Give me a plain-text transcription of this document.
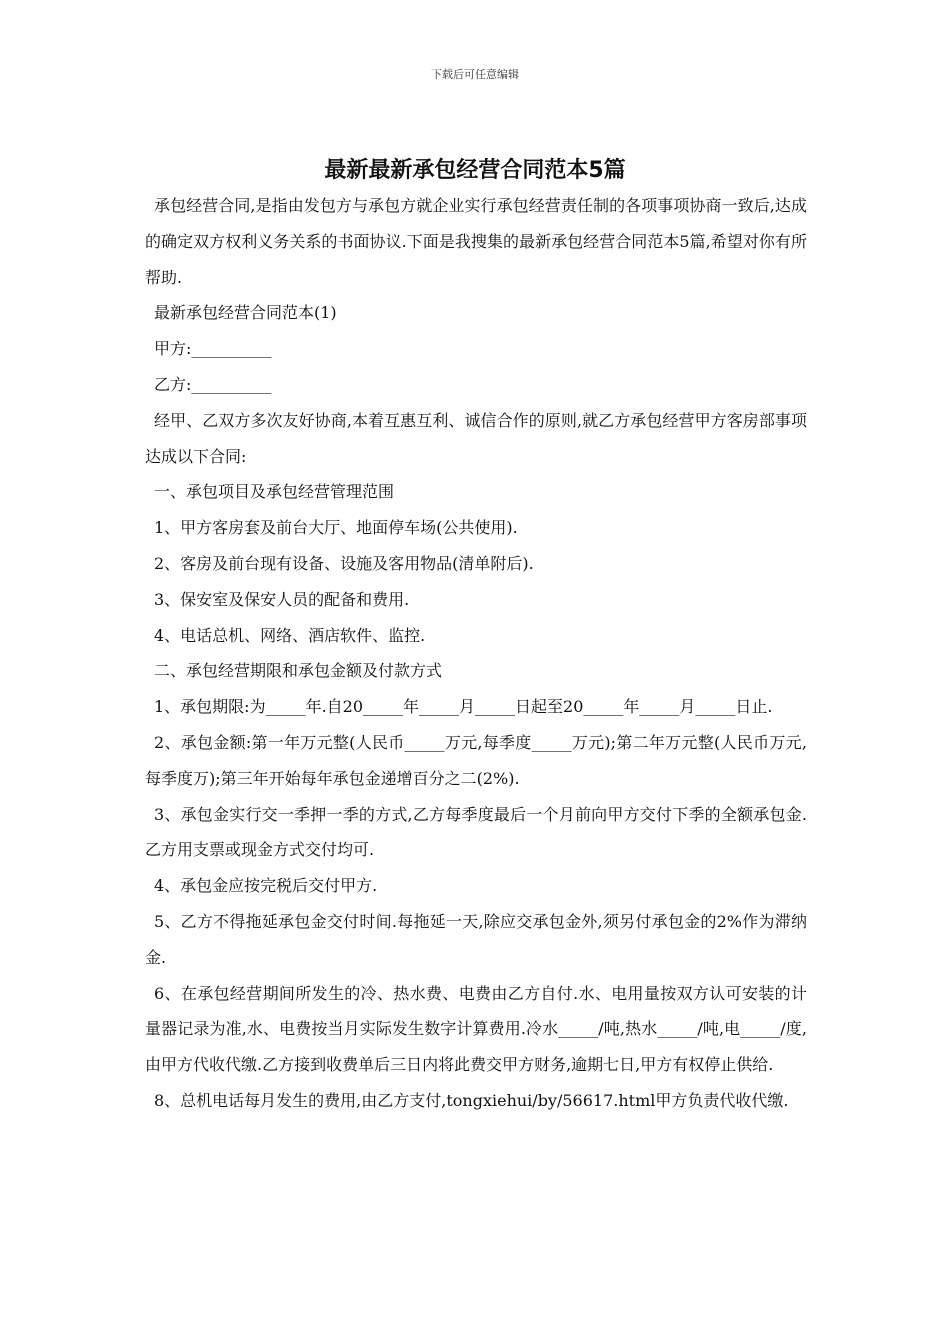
下载后可任意编辑
最新最新承包经营合同范本5篇

承包经营合同,是指由发包方与承包方就企业实行承包经营责任制的各项事项协商一致后,达成的确定双方权利义务关系的书面协议.下面是我搜集的最新承包经营合同范本5篇,希望对你有所帮助.

最新承包经营合同范本(1)

甲方:__________

乙方:__________

经甲、乙双方多次友好协商,本着互惠互利、诚信合作的原则,就乙方承包经营甲方客房部事项达成以下合同:

一、承包项目及承包经营管理范围

1、甲方客房套及前台大厅、地面停车场(公共使用).

2、客房及前台现有设备、设施及客用物品(清单附后).

3、保安室及保安人员的配备和费用.

4、电话总机、网络、酒店软件、监控.

二、承包经营期限和承包金额及付款方式

1、承包期限:为_____年.自20_____年_____月_____日起至20_____年_____月_____日止.

2、承包金额:第一年万元整(人民币_____万元,每季度_____万元);第二年万元整(人民币万元,每季度万);第三年开始每年承包金递增百分之二(2%).

3、承包金实行交一季押一季的方式,乙方每季度最后一个月前向甲方交付下季的全额承包金.乙方用支票或现金方式交付均可.

4、承包金应按完税后交付甲方.

5、乙方不得拖延承包金交付时间.每拖延一天,除应交承包金外,须另付承包金的2%作为滞纳金.

6、在承包经营期间所发生的冷、热水费、电费由乙方自付.水、电用量按双方认可安装的计量器记录为准,水、电费按当月实际发生数字计算费用.冷水_____/吨,热水_____/吨,电_____/度,由甲方代收代缴.乙方接到收费单后三日内将此费交甲方财务,逾期七日,甲方有权停止供给.

8、总机电话每月发生的费用,由乙方支付,tongxiehui/by/56617.html甲方负责代收代缴.
